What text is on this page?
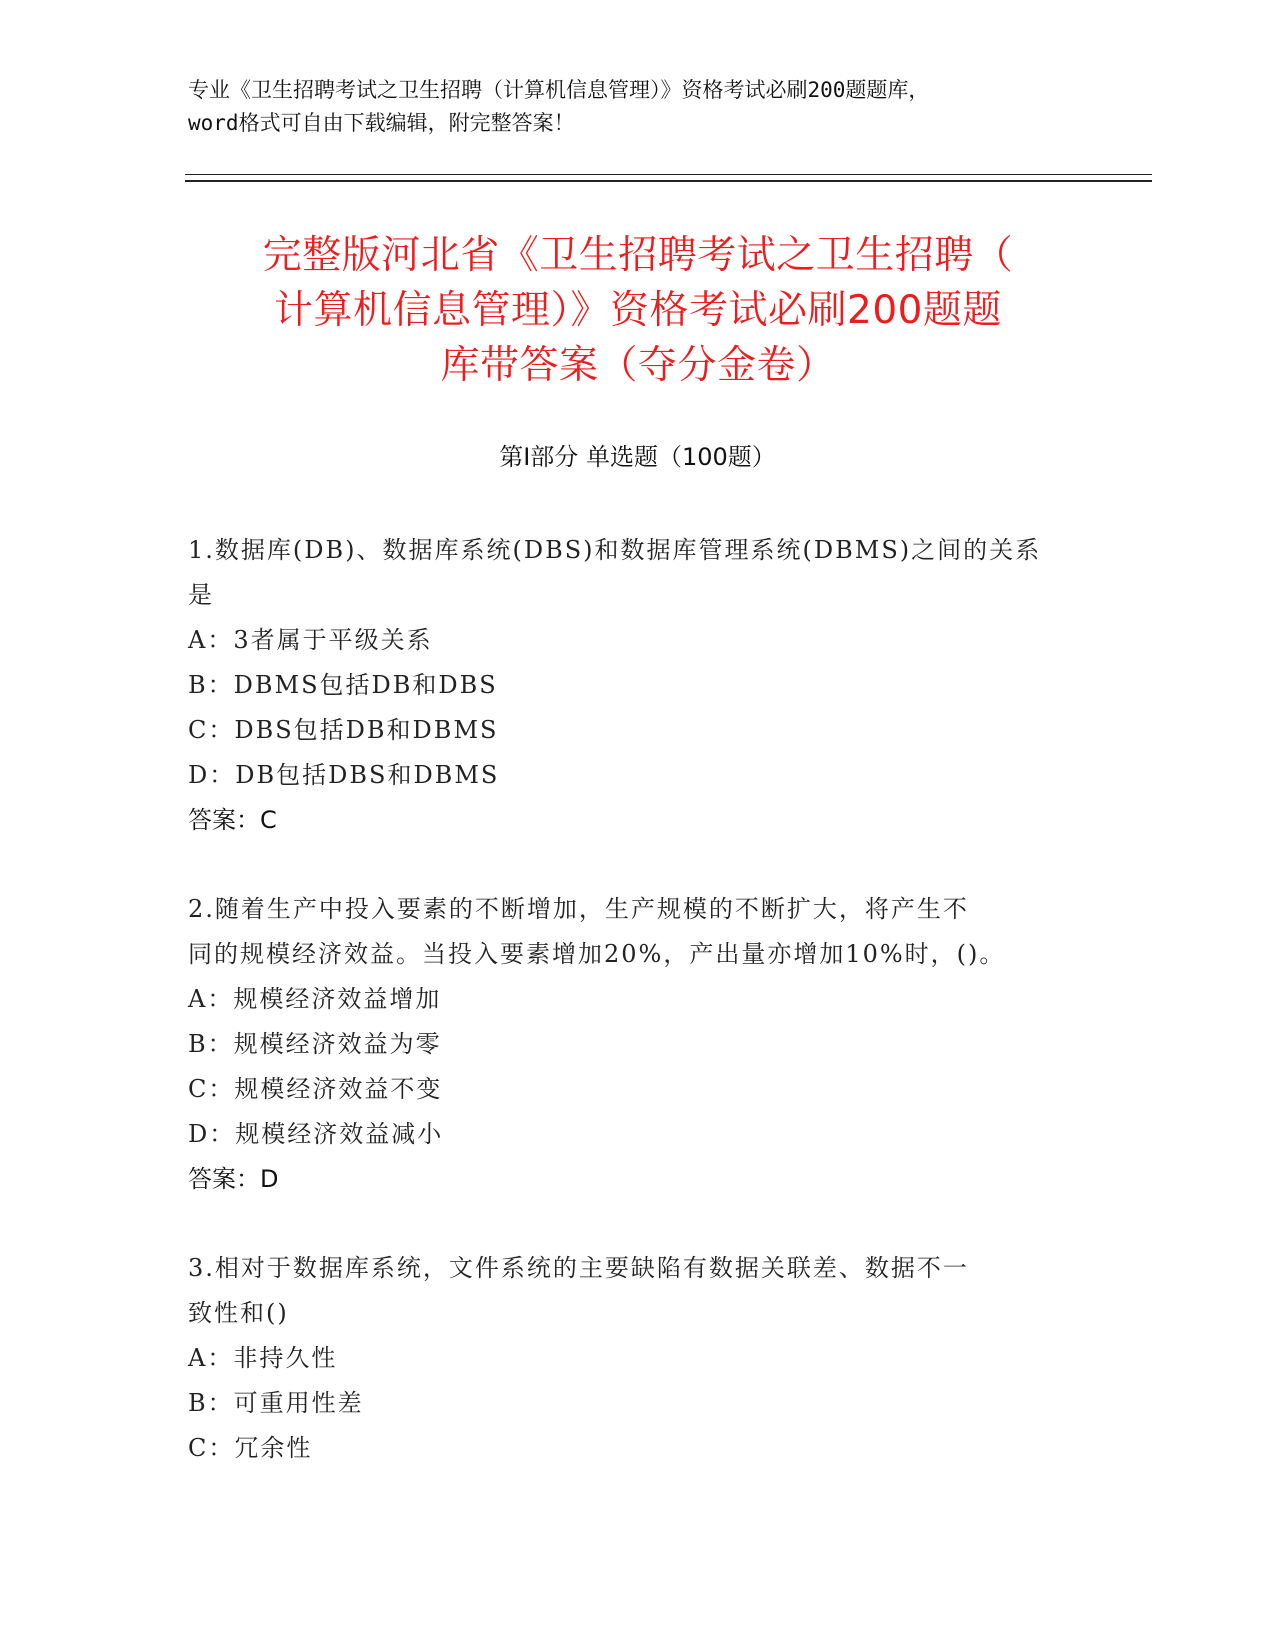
专业《卫生招聘考试之卫生招聘（计算机信息管理）》资格考试必刷200题题库，
word格式可自由下载编辑，附完整答案！
完整版河北省《卫生招聘考试之卫生招聘（
计算机信息管理）》资格考试必刷200题题
库带答案（夺分金卷）
第Ⅰ部分 单选题（100题）
1.数据库(DB)、数据库系统(DBS)和数据库管理系统(DBMS)之间的关系
是
A：3者属于平级关系
B：DBMS包括DB和DBS
C：DBS包括DB和DBMS
D：DB包括DBS和DBMS
答案：C
2.随着生产中投入要素的不断增加，生产规模的不断扩大，将产生不
同的规模经济效益。当投入要素增加20%，产出量亦增加10%时，()。
A：规模经济效益增加
B：规模经济效益为零
C：规模经济效益不变
D：规模经济效益减小
答案：D
3.相对于数据库系统，文件系统的主要缺陷有数据关联差、数据不一
致性和()
A：非持久性
B：可重用性差
C：冗余性
